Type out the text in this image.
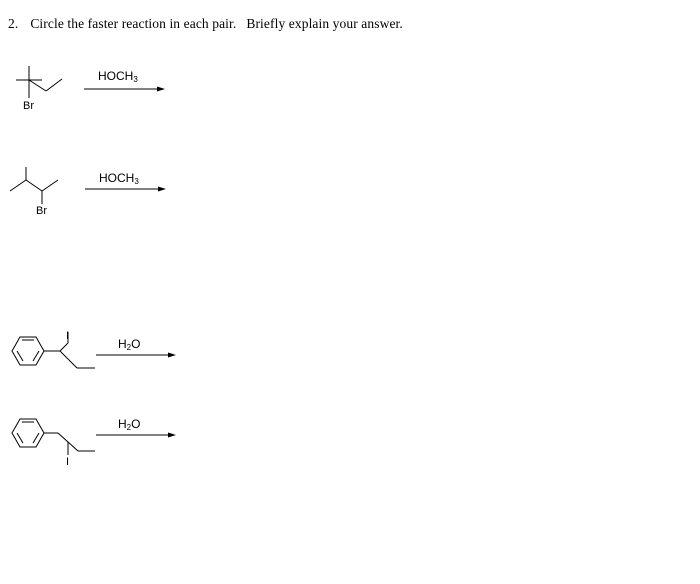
2. Circle the faster reaction in each pair. Briefly explain your answer.
Br
$HOCH_3$
Br
$HOCH_3$
I
$H_2O$
I
$H_2O$
